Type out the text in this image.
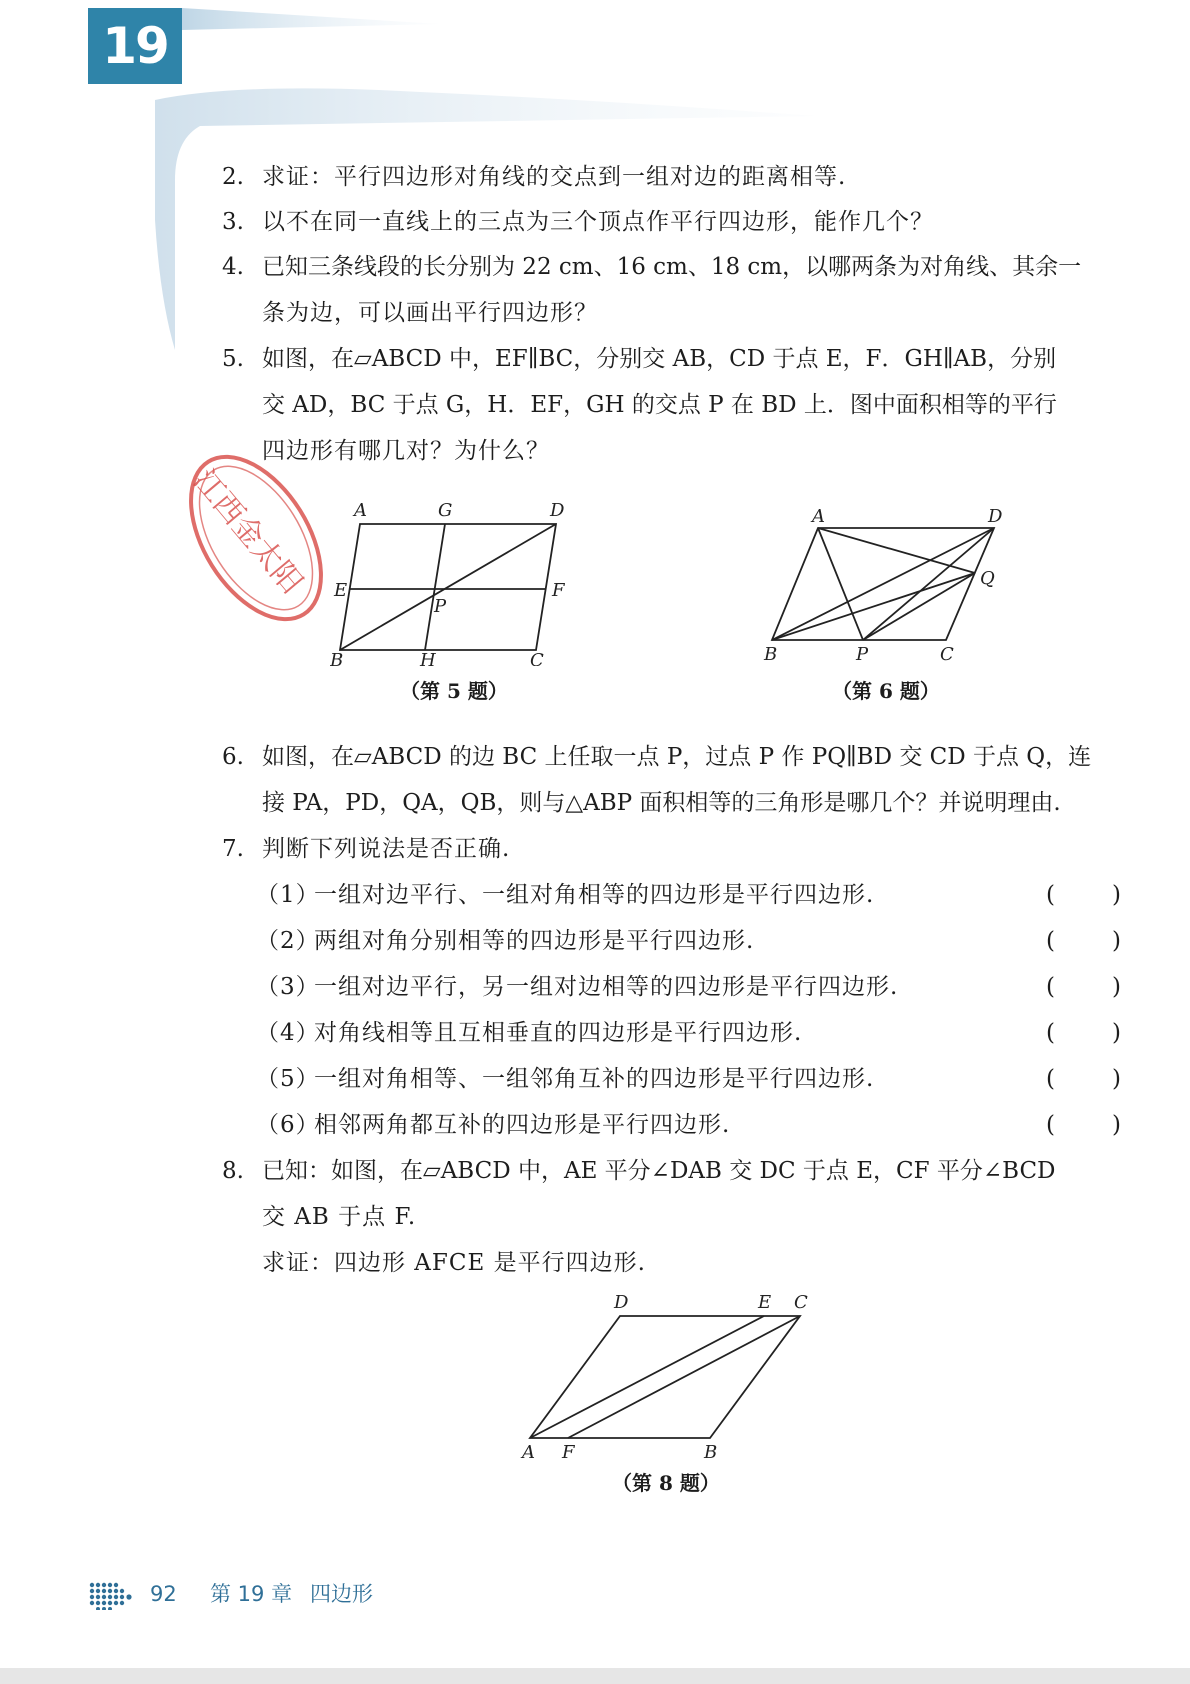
19
2. 求证：平行四边形对角线的交点到一组对边的距离相等.
3. 以不在同一直线上的三点为三个顶点作平行四边形，能作几个？
4. 已知三条线段的长分别为 22 cm、16 cm、18 cm，以哪两条为对角线、其余一
条为边，可以画出平行四边形？
5. 如图，在▱ABCD 中，EF∥BC，分别交 AB，CD 于点 E，F．GH∥AB，分别
交 AD，BC 于点 G，H．EF，GH 的交点 P 在 BD 上．图中面积相等的平行
四边形有哪几对？为什么？
江西金太阳 A	G	D
E	F
P
B	H	C
（第 5 题）
A	D
Q
B	P	C
（第 6 题）
6. 如图，在▱ABCD 的边 BC 上任取一点 P，过点 P 作 PQ∥BD 交 CD 于点 Q，连
接 PA，PD，QA，QB，则与△ABP 面积相等的三角形是哪几个？并说明理由.
7. 判断下列说法是否正确.
（1）
一组对边平行、一组对角相等的四边形是平行四边形.	( )
（2）
两组对角分别相等的四边形是平行四边形.	( )
（3）
一组对边平行，另一组对边相等的四边形是平行四边形.	( )
（4）
对角线相等且互相垂直的四边形是平行四边形.	( )
（5）
一组对角相等、一组邻角互补的四边形是平行四边形.	( )
（6）
相邻两角都互补的四边形是平行四边形.	( )
8. 已知：如图，在▱ABCD 中，AE 平分∠DAB 交 DC 于点 E，CF 平分∠BCD
交 AB 于点 F.
求证：四边形 AFCE 是平行四边形.
D	E C
A F	B
（第 8 题）
92 第 19 章 四边形
